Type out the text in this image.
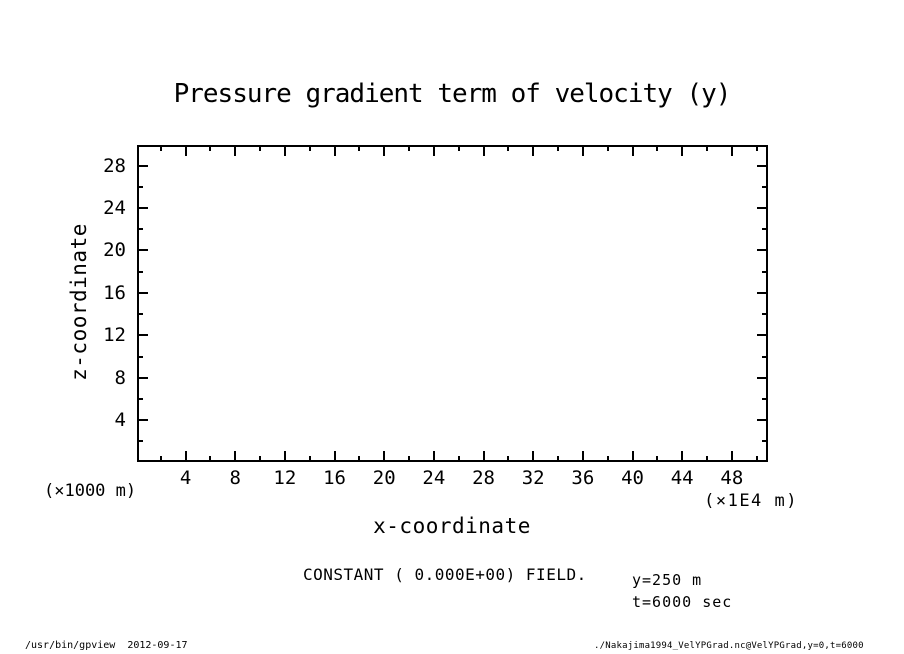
Pressure gradient term of velocity (y)
z-coordinate
4
8
12
16
20
24
28
4 8 12 16 20 24 28 32 36 40 44 48
(×1000 m)	(×1E4 m)
x-coordinate
CONSTANT ( 0.000E+00) FIELD.	y=250 m
t=6000 sec
/usr/bin/gpview 2012-09-17	./Nakajima1994_VelYPGrad.nc@VelYPGrad,y=0,t=6000
